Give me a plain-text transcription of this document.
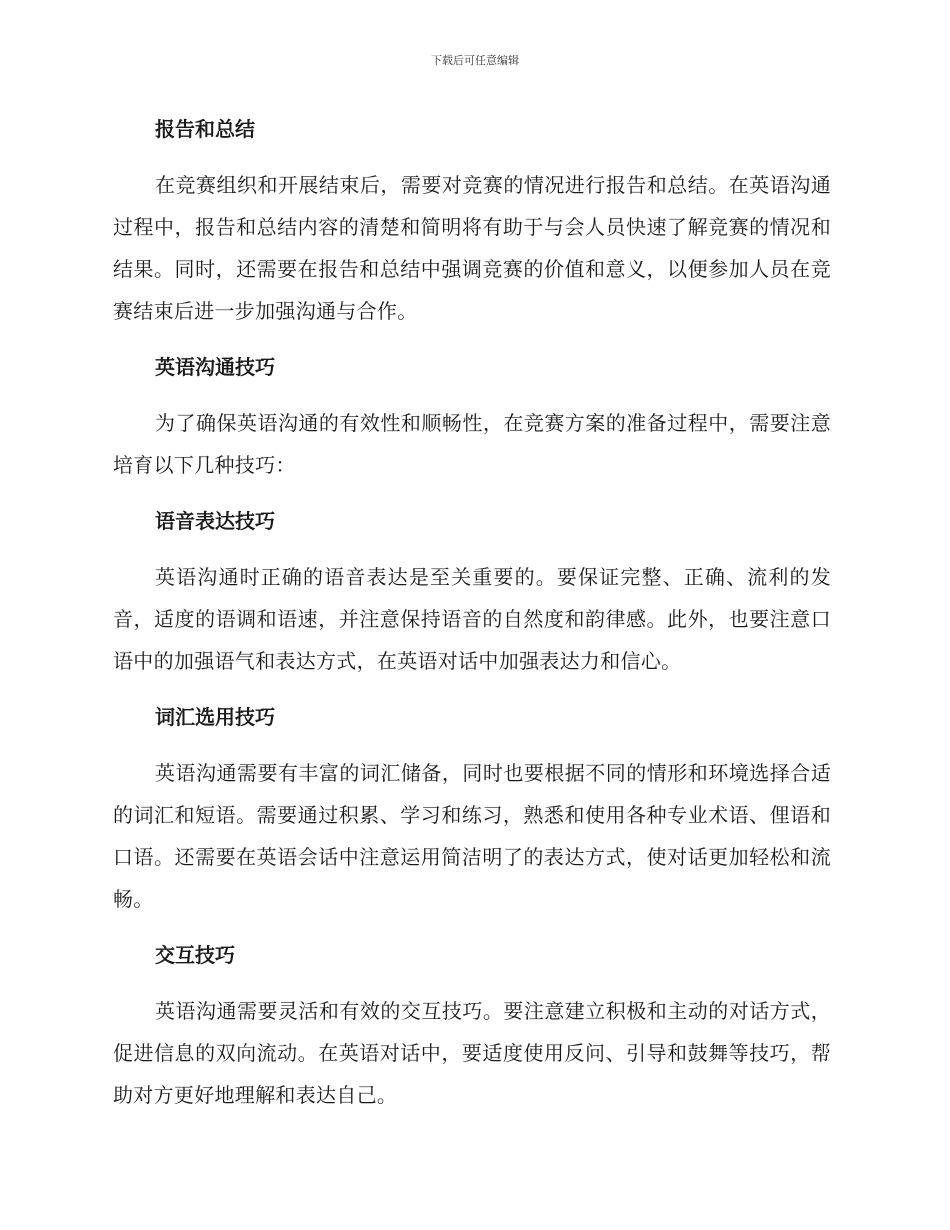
下载后可任意编辑
报告和总结

在竞赛组织和开展结束后，需要对竞赛的情况进行报告和总结。在英语沟通过程中，报告和总结内容的清楚和简明将有助于与会人员快速了解竞赛的情况和结果。同时，还需要在报告和总结中强调竞赛的价值和意义，以便参加人员在竞赛结束后进一步加强沟通与合作。

英语沟通技巧

为了确保英语沟通的有效性和顺畅性，在竞赛方案的准备过程中，需要注意培育以下几种技巧：

语音表达技巧

英语沟通时正确的语音表达是至关重要的。要保证完整、正确、流利的发音，适度的语调和语速，并注意保持语音的自然度和韵律感。此外，也要注意口语中的加强语气和表达方式，在英语对话中加强表达力和信心。

词汇选用技巧

英语沟通需要有丰富的词汇储备，同时也要根据不同的情形和环境选择合适的词汇和短语。需要通过积累、学习和练习，熟悉和使用各种专业术语、俚语和口语。还需要在英语会话中注意运用简洁明了的表达方式，使对话更加轻松和流畅。

交互技巧

英语沟通需要灵活和有效的交互技巧。要注意建立积极和主动的对话方式，促进信息的双向流动。在英语对话中，要适度使用反问、引导和鼓舞等技巧，帮助对方更好地理解和表达自己。
